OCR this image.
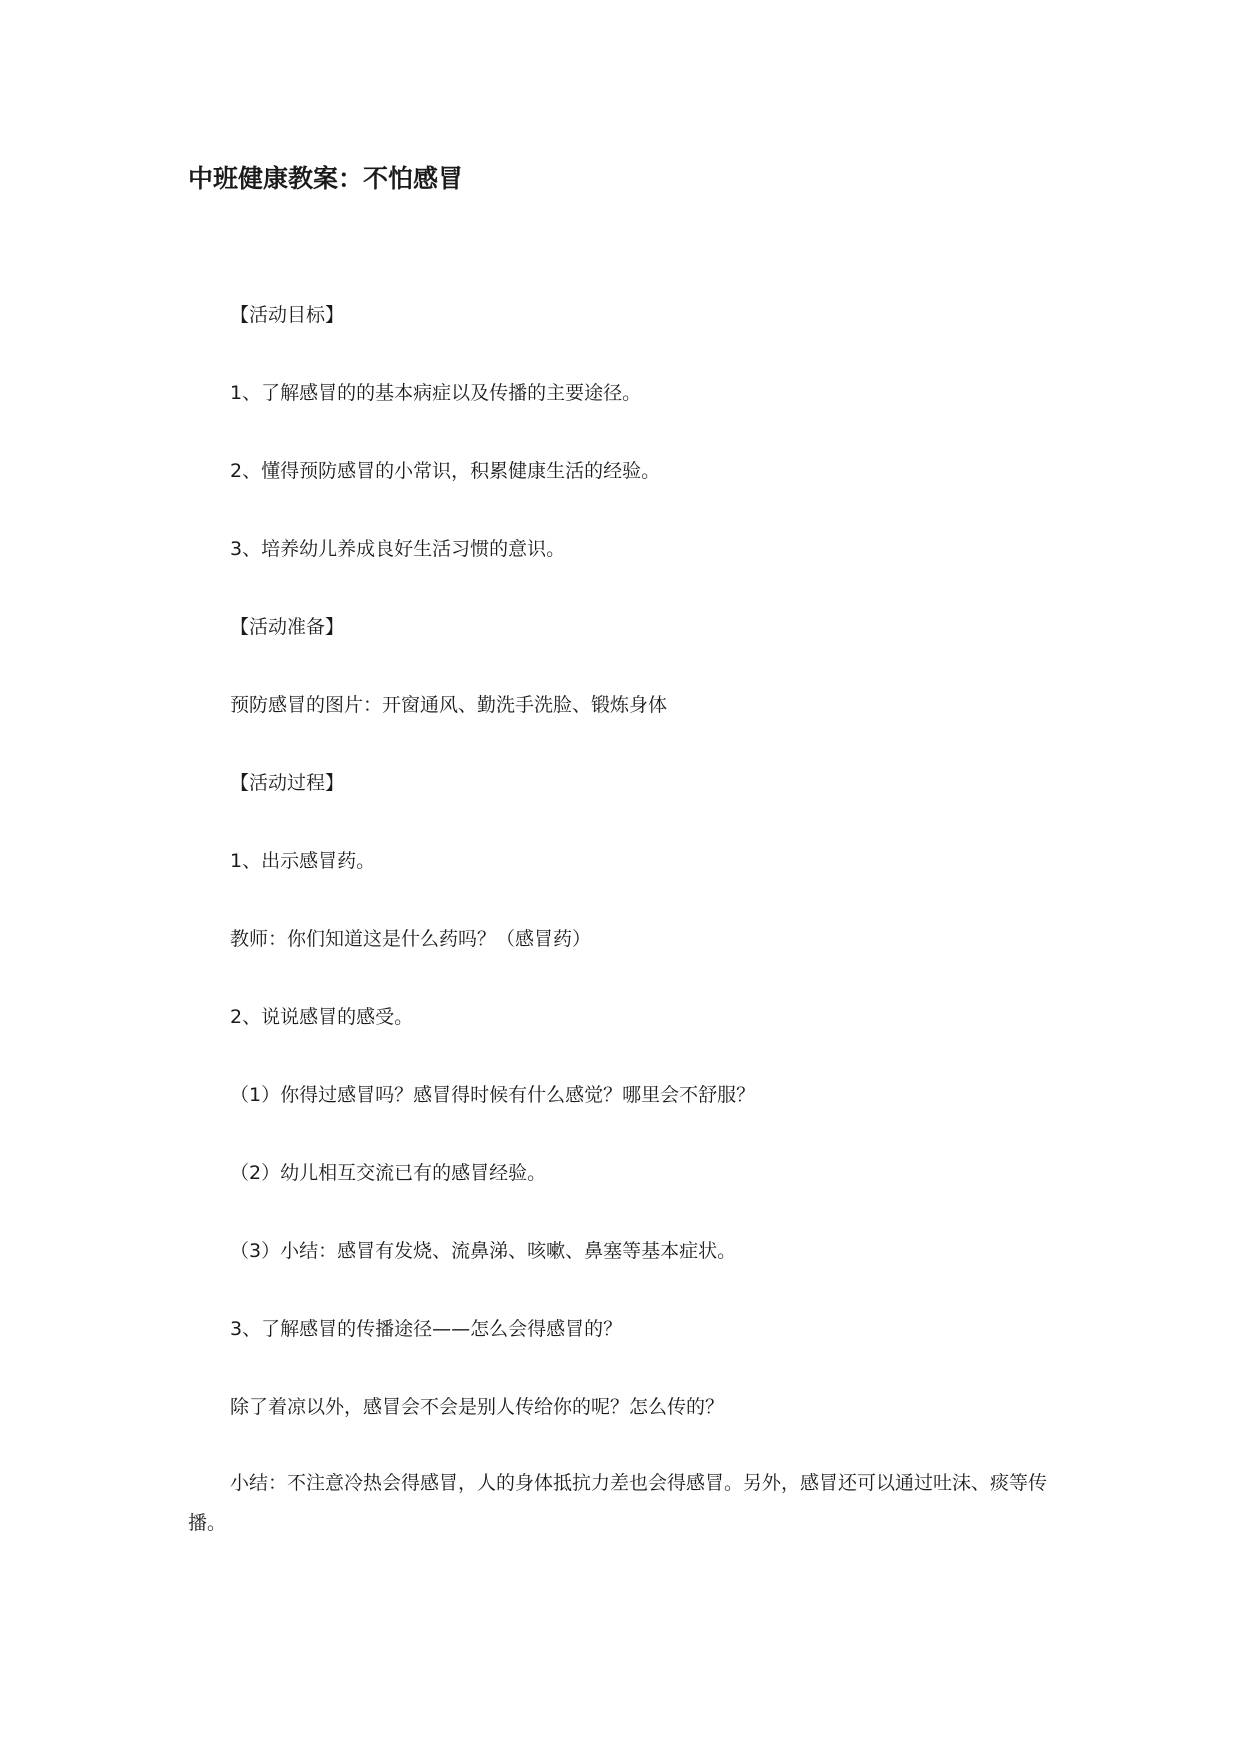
中班健康教案：不怕感冒

【活动目标】

1、了解感冒的的基本病症以及传播的主要途径。

2、懂得预防感冒的小常识，积累健康生活的经验。

3、培养幼儿养成良好生活习惯的意识。

【活动准备】

预防感冒的图片：开窗通风、勤洗手洗脸、锻炼身体

【活动过程】

1、出示感冒药。

教师：你们知道这是什么药吗？（感冒药）

2、说说感冒的感受。

（1）你得过感冒吗？感冒得时候有什么感觉？哪里会不舒服？

（2）幼儿相互交流已有的感冒经验。

（3）小结：感冒有发烧、流鼻涕、咳嗽、鼻塞等基本症状。

3、了解感冒的传播途径——怎么会得感冒的？

除了着凉以外，感冒会不会是别人传给你的呢？怎么传的？

小结：不注意冷热会得感冒，人的身体抵抗力差也会得感冒。另外，感冒还可以通过吐沫、痰等传播。
